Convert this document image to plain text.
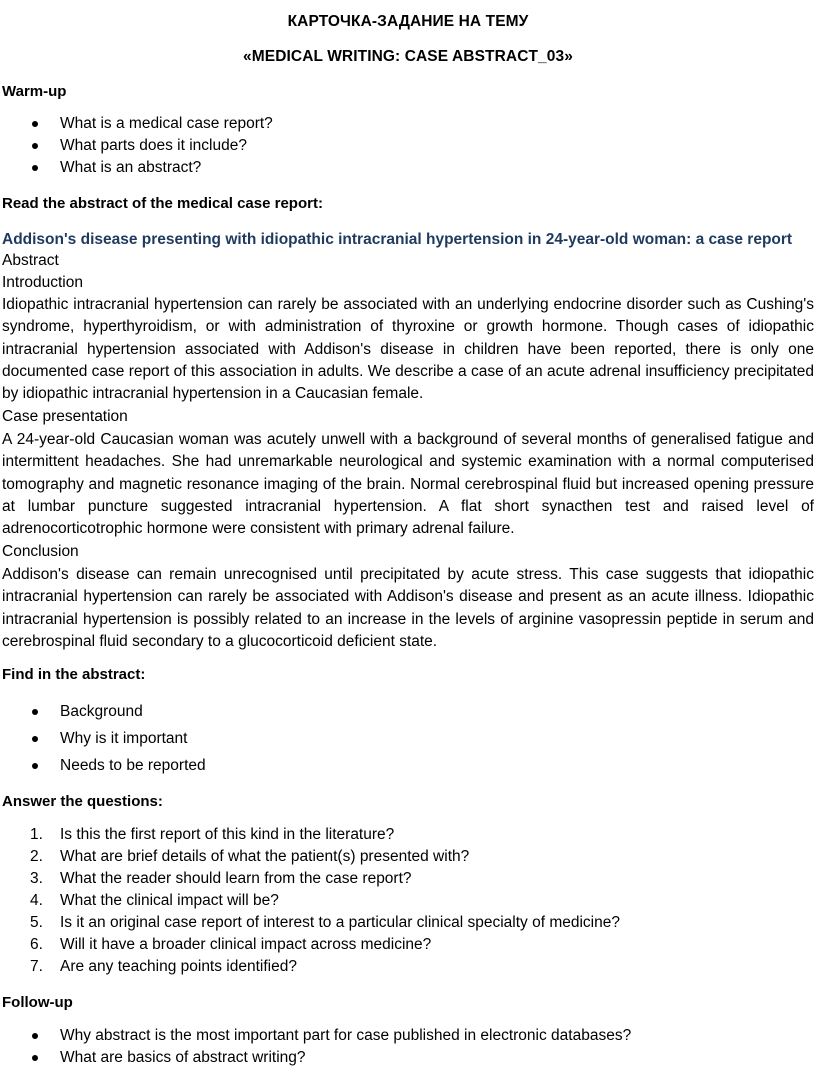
КАРТОЧКА-ЗАДАНИЕ НА ТЕМУ
«MEDICAL WRITING: CASE ABSTRACT_03»
Warm-up
What is a medical case report?
What parts does it include?
What is an abstract?
Read the abstract of the medical case report:
Addison's disease presenting with idiopathic intracranial hypertension in 24-year-old woman: a case report
Abstract
Introduction
Idiopathic intracranial hypertension can rarely be associated with an underlying endocrine disorder such as Cushing's syndrome, hyperthyroidism, or with administration of thyroxine or growth hormone. Though cases of idiopathic intracranial hypertension associated with Addison's disease in children have been reported, there is only one documented case report of this association in adults. We describe a case of an acute adrenal insufficiency precipitated by idiopathic intracranial hypertension in a Caucasian female.
Case presentation
A 24-year-old Caucasian woman was acutely unwell with a background of several months of generalised fatigue and intermittent headaches. She had unremarkable neurological and systemic examination with a normal computerised tomography and magnetic resonance imaging of the brain. Normal cerebrospinal fluid but increased opening pressure at lumbar puncture suggested intracranial hypertension. A flat short synacthen test and raised level of adrenocorticotrophic hormone were consistent with primary adrenal failure.
Conclusion
Addison's disease can remain unrecognised until precipitated by acute stress. This case suggests that idiopathic intracranial hypertension can rarely be associated with Addison's disease and present as an acute illness. Idiopathic intracranial hypertension is possibly related to an increase in the levels of arginine vasopressin peptide in serum and cerebrospinal fluid secondary to a glucocorticoid deficient state.
Find in the abstract:
Background
Why is it important
Needs to be reported
Answer the questions:
1.	Is this the first report of this kind in the literature?
2.	What are brief details of what the patient(s) presented with?
3.	What the reader should learn from the case report?
4.	What the clinical impact will be?
5.	Is it an original case report of interest to a particular clinical specialty of medicine?
6.	Will it have a broader clinical impact across medicine?
7.	Are any teaching points identified?
Follow-up
Why abstract is the most important part for case published in electronic databases?
What are basics of abstract writing?
